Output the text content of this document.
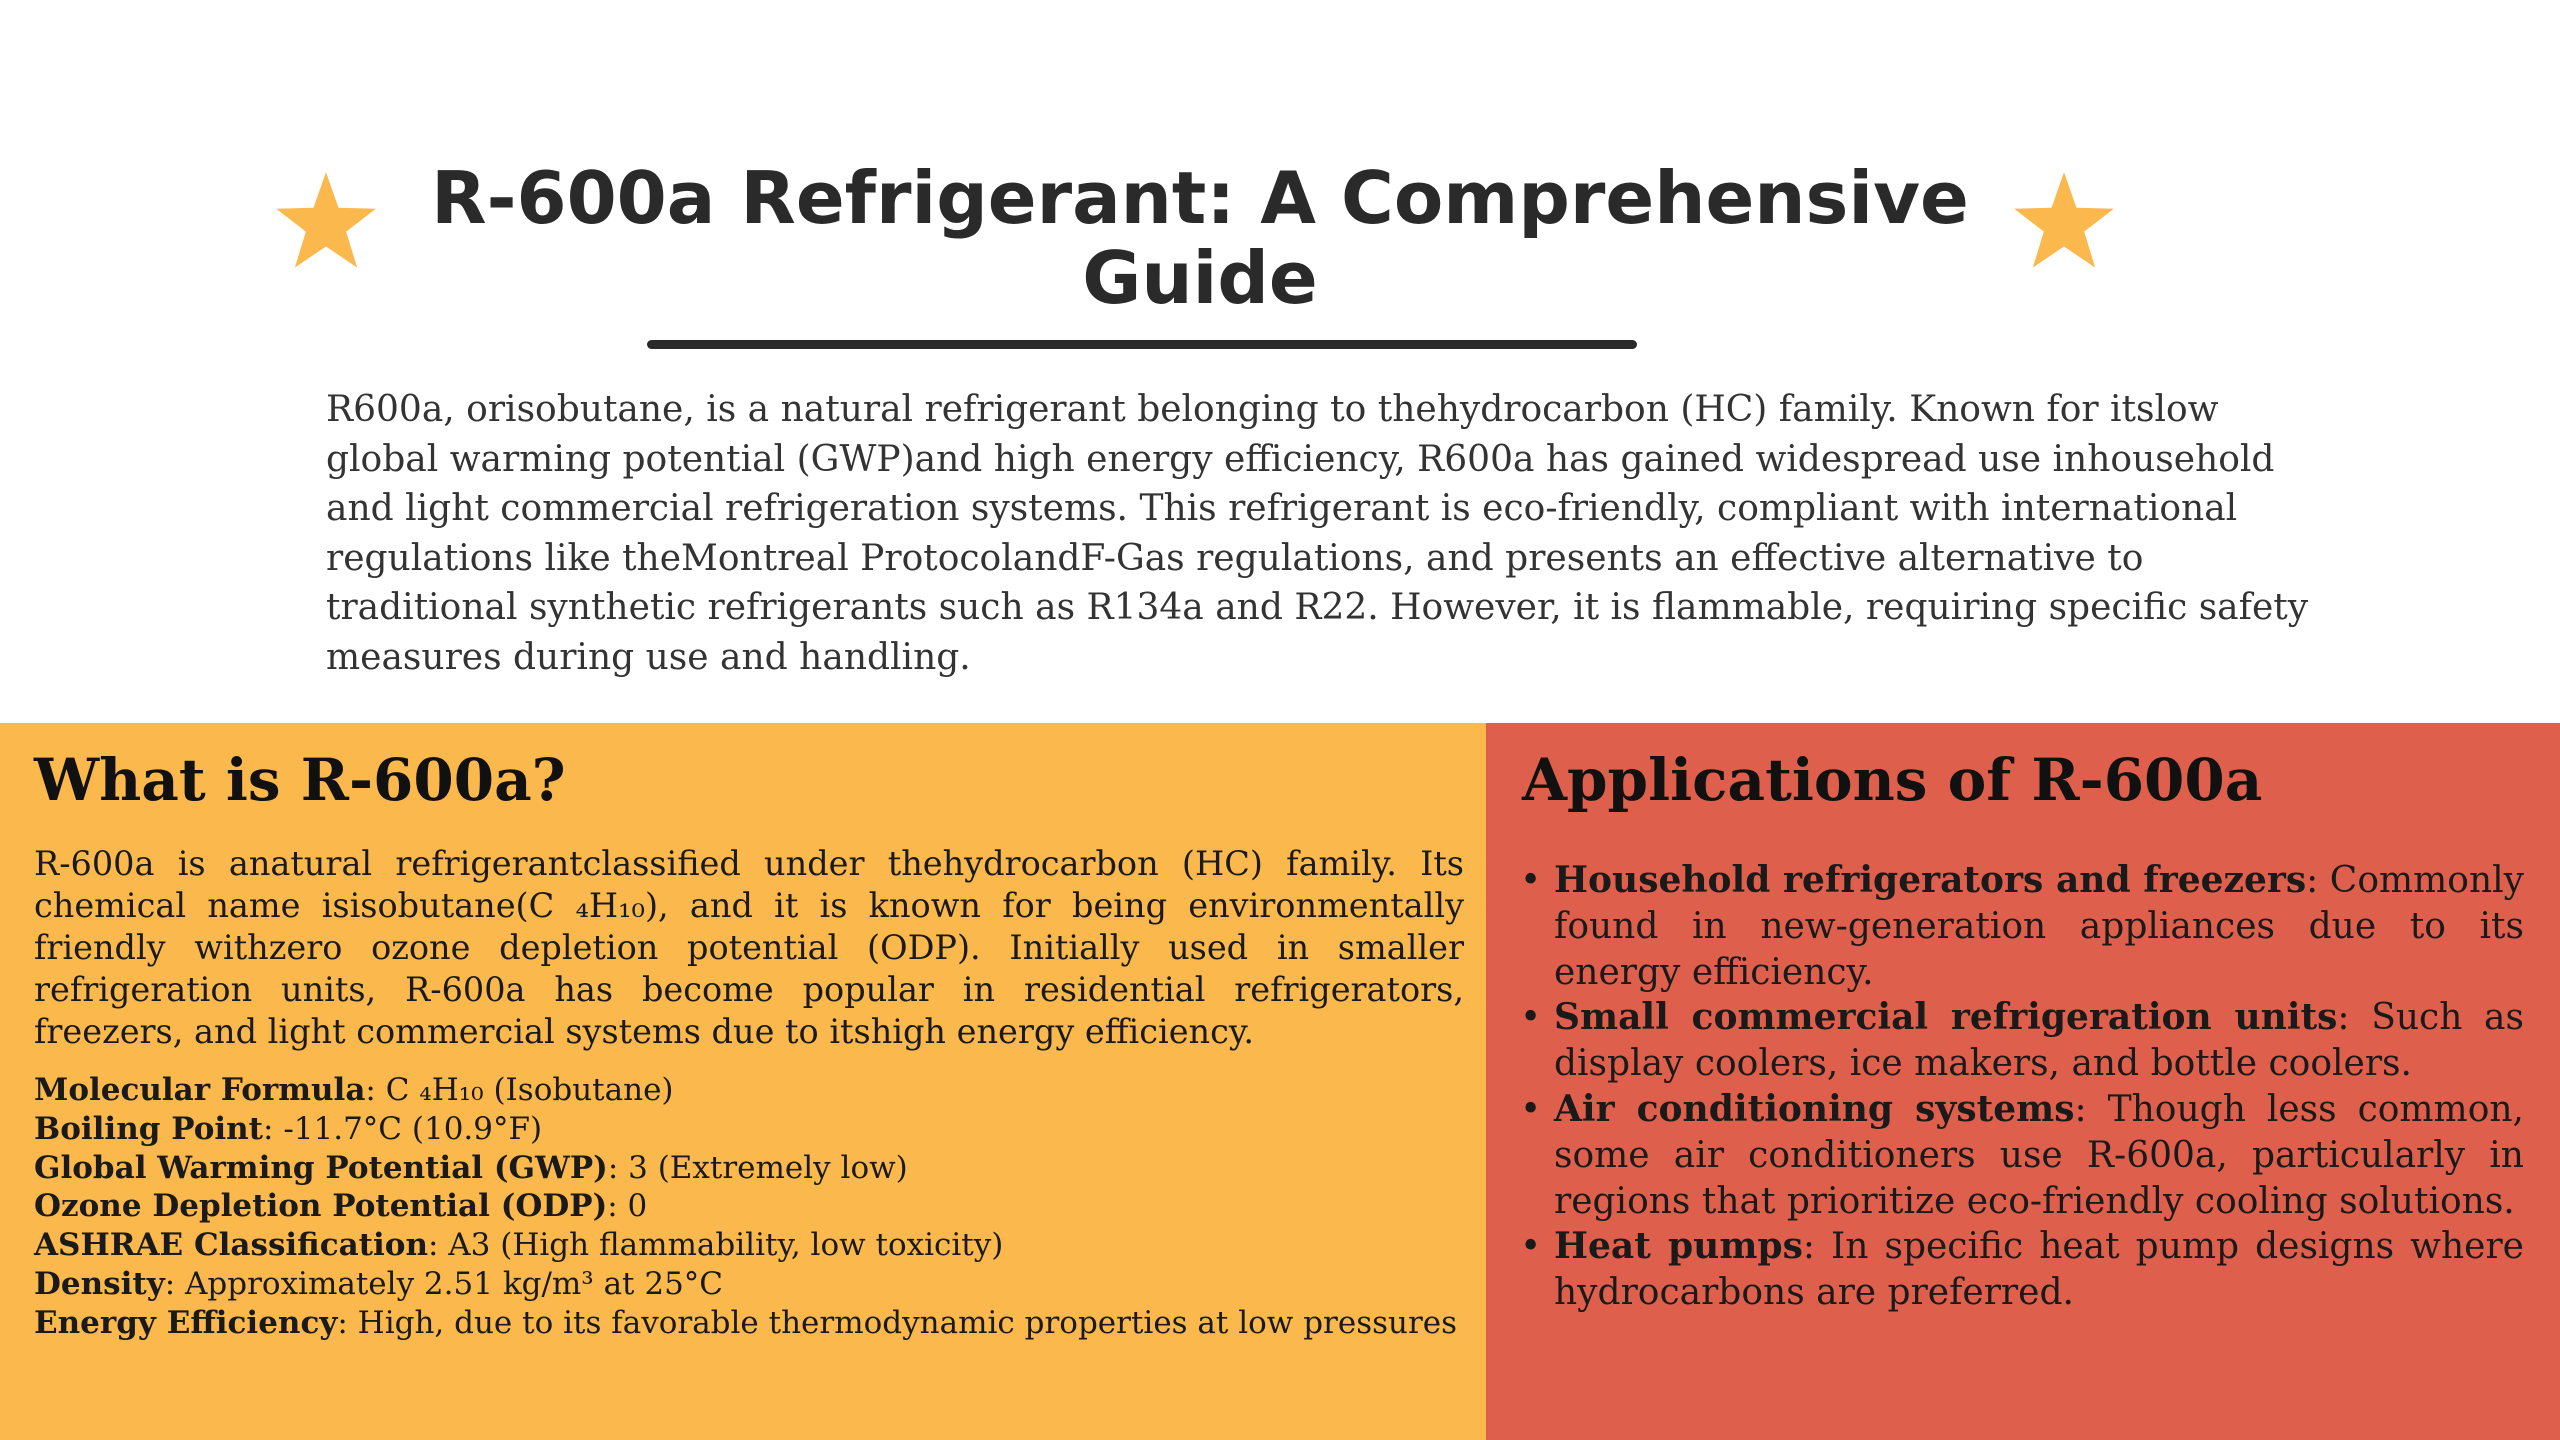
R-600a Refrigerant: A Comprehensive Guide

R600a, orisobutane, is a natural refrigerant belonging to thehydrocarbon (HC) family. Known for itslow global warming potential (GWP)and high energy efficiency, R600a has gained widespread use inhousehold and light commercial refrigeration systems. This refrigerant is eco-friendly, compliant with international regulations like theMontreal ProtocolandF-Gas regulations, and presents an effective alternative to traditional synthetic refrigerants such as R134a and R22. However, it is flammable, requiring specific safety measures during use and handling.

What is R-600a?

R-600a is anatural refrigerantclassified under thehydrocarbon (HC) family. Its chemical name isisobutane(C ₄H₁₀), and it is known for being environmentally friendly withzero ozone depletion potential (ODP). Initially used in smaller refrigeration units, R-600a has become popular in residential refrigerators, freezers, and light commercial systems due to itshigh energy efficiency.

Molecular Formula: C ₄H₁₀ (Isobutane)
Boiling Point: -11.7°C (10.9°F)
Global Warming Potential (GWP): 3 (Extremely low)
Ozone Depletion Potential (ODP): 0
ASHRAE Classification: A3 (High flammability, low toxicity)
Density: Approximately 2.51 kg/m³ at 25°C
Energy Efficiency: High, due to its favorable thermodynamic properties at low pressures
Applications of R-600a
• Household refrigerators and freezers: Commonly found in new-generation appliances due to its energy efficiency.
• Small commercial refrigeration units: Such as display coolers, ice makers, and bottle coolers.
• Air conditioning systems: Though less common, some air conditioners use R-600a, particularly in regions that prioritize eco-friendly cooling solutions.
• Heat pumps: In specific heat pump designs where hydrocarbons are preferred.
